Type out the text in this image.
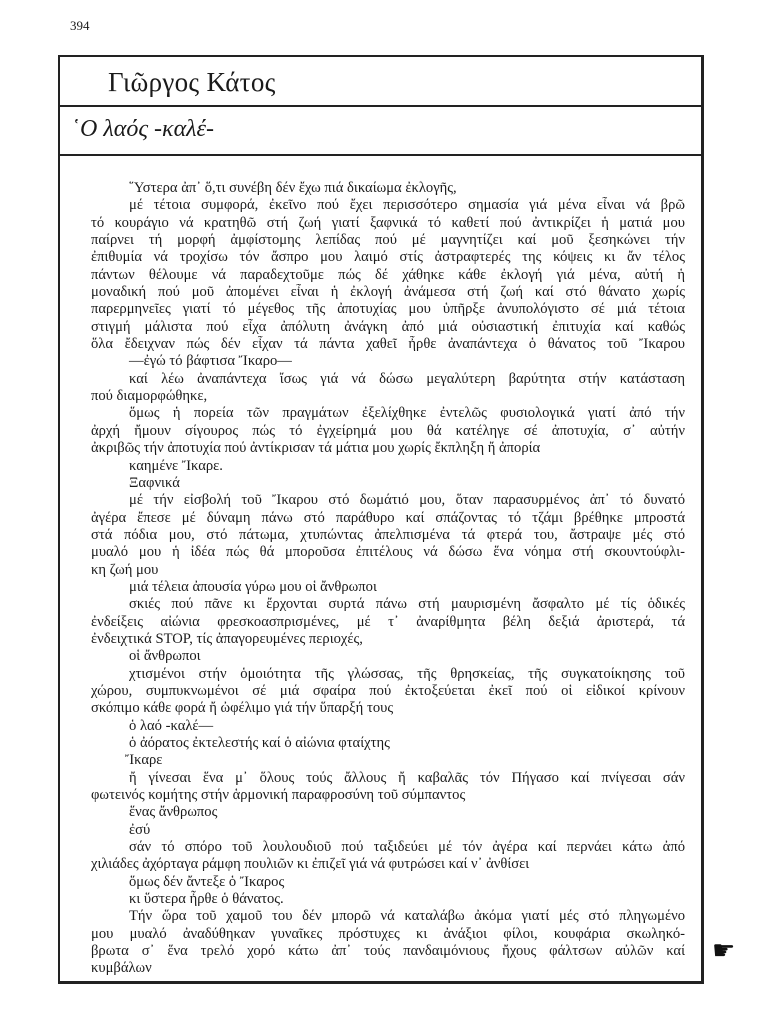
394
Γιῶργος Κάτος
῾Ο λαός -καλέ-
῞Υστερα ἀπ᾽ ὅ,τι συνέβη δέν ἔχω πιά δικαίωμα ἐκλογῆς,
μέ τέτοια συμφορά, ἐκεῖνο πού ἔχει περισσότερο σημασία γιά μένα εἶναι νά βρῶ
τό κουράγιο νά κρατηθῶ στή ζωή γιατί ξαφνικά τό καθετί πού ἀντικρίζει ἡ ματιά μου
παίρνει τή μορφή ἀμφίστομης λεπίδας πού μέ μαγνητίζει καί μοῦ ξεσηκώνει τήν
ἐπιθυμία νά τροχίσω τόν ἄσπρο μου λαιμό στίς ἀστραφτερές της κόψεις κι ἄν τέλος
πάντων θέλουμε νά παραδεχτοῦμε πώς δέ χάθηκε κάθε ἐκλογή γιά μένα, αὐτή ἡ
μοναδική πού μοῦ ἀπομένει εἶναι ἡ ἐκλογή ἀνάμεσα στή ζωή καί στό θάνατο χωρίς
παρερμηνεῖες γιατί τό μέγεθος τῆς ἀποτυχίας μου ὑπῆρξε ἀνυπολόγιστο σέ μιά τέτοια
στιγμή μάλιστα πού εἶχα ἀπόλυτη ἀνάγκη ἀπό μιά οὐσιαστική ἐπιτυχία καί καθώς
ὅλα ἔδειχναν πώς δέν εἶχαν τά πάντα χαθεῖ ἦρθε ἀναπάντεχα ὁ θάνατος τοῦ Ἴκαρου
—ἐγώ τό βάφτισα Ἴκαρο—
καί λέω ἀναπάντεχα ἴσως γιά νά δώσω μεγαλύτερη βαρύτητα στήν κατάσταση
πού διαμορφώθηκε,
ὅμως ἡ πορεία τῶν πραγμάτων ἐξελίχθηκε ἐντελῶς φυσιολογικά γιατί ἀπό τήν
ἀρχή ἤμουν σίγουρος πώς τό ἐγχείρημά μου θά κατέληγε σέ ἀποτυχία, σ᾽ αὐτήν
ἀκριβῶς τήν ἀποτυχία πού ἀντίκρισαν τά μάτια μου χωρίς ἔκπληξη ἤ ἀπορία
καημένε Ἴκαρε.
Ξαφνικά
μέ τήν εἰσβολή τοῦ Ἴκαρου στό δωμάτιό μου, ὅταν παρασυρμένος ἀπ᾽ τό δυνατό
ἀγέρα ἔπεσε μέ δύναμη πάνω στό παράθυρο καί σπάζοντας τό τζάμι βρέθηκε μπροστά
στά πόδια μου, στό πάτωμα, χτυπώντας ἀπελπισμένα τά φτερά του, ἄστραψε μές στό
μυαλό μου ἡ ἰδέα πώς θά μποροῦσα ἐπιτέλους νά δώσω ἕνα νόημα στή σκουντούφλι-
κη ζωή μου
μιά τέλεια ἀπουσία γύρω μου οἱ ἄνθρωποι
σκιές πού πᾶνε κι ἔρχονται συρτά πάνω στή μαυρισμένη ἄσφαλτο μέ τίς ὁδικές
ἐνδείξεις αἰώνια φρεσκοασπρισμένες, μέ τ᾽ ἀναρίθμητα βέλη δεξιά ἀριστερά, τά
ἐνδειχτικά STOP, τίς ἀπαγορευμένες περιοχές,
οἱ ἄνθρωποι
χτισμένοι στήν ὁμοιότητα τῆς γλώσσας, τῆς θρησκείας, τῆς συγκατοίκησης τοῦ
χώρου, συμπυκνωμένοι σέ μιά σφαίρα πού ἐκτοξεύεται ἐκεῖ πού οἱ εἰδικοί κρίνουν
σκόπιμο κάθε φορά ἤ ὠφέλιμο γιά τήν ὕπαρξή τους
ὁ λαό -καλέ—
ὁ ἀόρατος ἐκτελεστής καί ὁ αἰώνια φταίχτης
Ἴκαρε
ἤ γίνεσαι ἕνα μ᾽ ὅλους τούς ἄλλους ἤ καβαλᾶς τόν Πήγασο καί πνίγεσαι σάν
φωτεινός κομήτης στήν ἁρμονική παραφροσύνη τοῦ σύμπαντος
ἕνας ἄνθρωπος
ἐσύ
σάν τό σπόρο τοῦ λουλουδιοῦ πού ταξιδεύει μέ τόν ἀγέρα καί περνάει κάτω ἀπό
χιλιάδες ἀχόρταγα ράμφη πουλιῶν κι ἐπιζεῖ γιά νά φυτρώσει καί ν᾽ ἀνθίσει
ὅμως δέν ἄντεξε ὁ Ἴκαρος
κι ὕστερα ἦρθε ὁ θάνατος.
Τήν ὥρα τοῦ χαμοῦ του δέν μπορῶ νά καταλάβω ἀκόμα γιατί μές στό πληγωμένο
μου μυαλό ἀναδύθηκαν γυναῖκες πρόστυχες κι ἀνάξιοι φίλοι, κουφάρια σκωληκό-
βρωτα σ᾽ ἕνα τρελό χορό κάτω ἀπ᾽ τούς πανδαιμόνιους ἤχους φάλτσων αὐλῶν καί
κυμβάλων
☛
